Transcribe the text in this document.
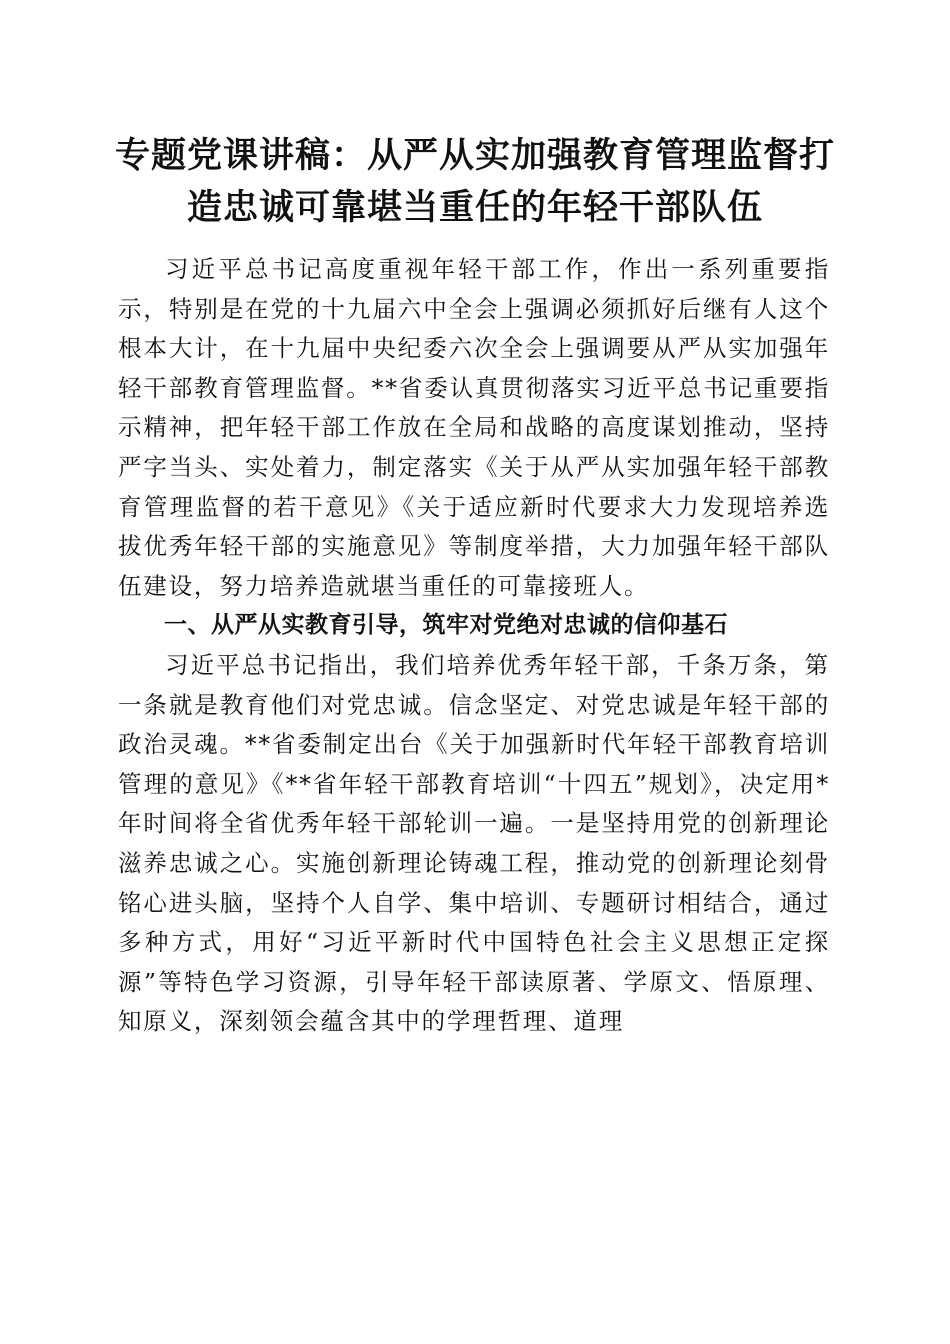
专题党课讲稿：从严从实加强教育管理监督打
造忠诚可靠堪当重任的年轻干部队伍

习近平总书记高度重视年轻干部工作，作出一系列重要指示，特别是在党的十九届六中全会上强调必须抓好后继有人这个根本大计，在十九届中央纪委六次全会上强调要从严从实加强年轻干部教育管理监督。**省委认真贯彻落实习近平总书记重要指示精神，把年轻干部工作放在全局和战略的高度谋划推动，坚持严字当头、实处着力，制定落实《关于从严从实加强年轻干部教育管理监督的若干意见》《关于适应新时代要求大力发现培养选拔优秀年轻干部的实施意见》等制度举措，大力加强年轻干部队伍建设，努力培养造就堪当重任的可靠接班人。

一、从严从实教育引导，筑牢对党绝对忠诚的信仰基石

习近平总书记指出，我们培养优秀年轻干部，千条万条，第一条就是教育他们对党忠诚。信念坚定、对党忠诚是年轻干部的政治灵魂。**省委制定出台《关于加强新时代年轻干部教育培训管理的意见》《**省年轻干部教育培训“十四五”规划》，决定用*年时间将全省优秀年轻干部轮训一遍。一是坚持用党的创新理论滋养忠诚之心。实施创新理论铸魂工程，推动党的创新理论刻骨铭心进头脑，坚持个人自学、集中培训、专题研讨相结合，通过多种方式，用好“习近平新时代中国特色社会主义思想正定探源”等特色学习资源，引导年轻干部读原著、学原文、悟原理、知原义，深刻领会蕴含其中的学理哲理、道理
